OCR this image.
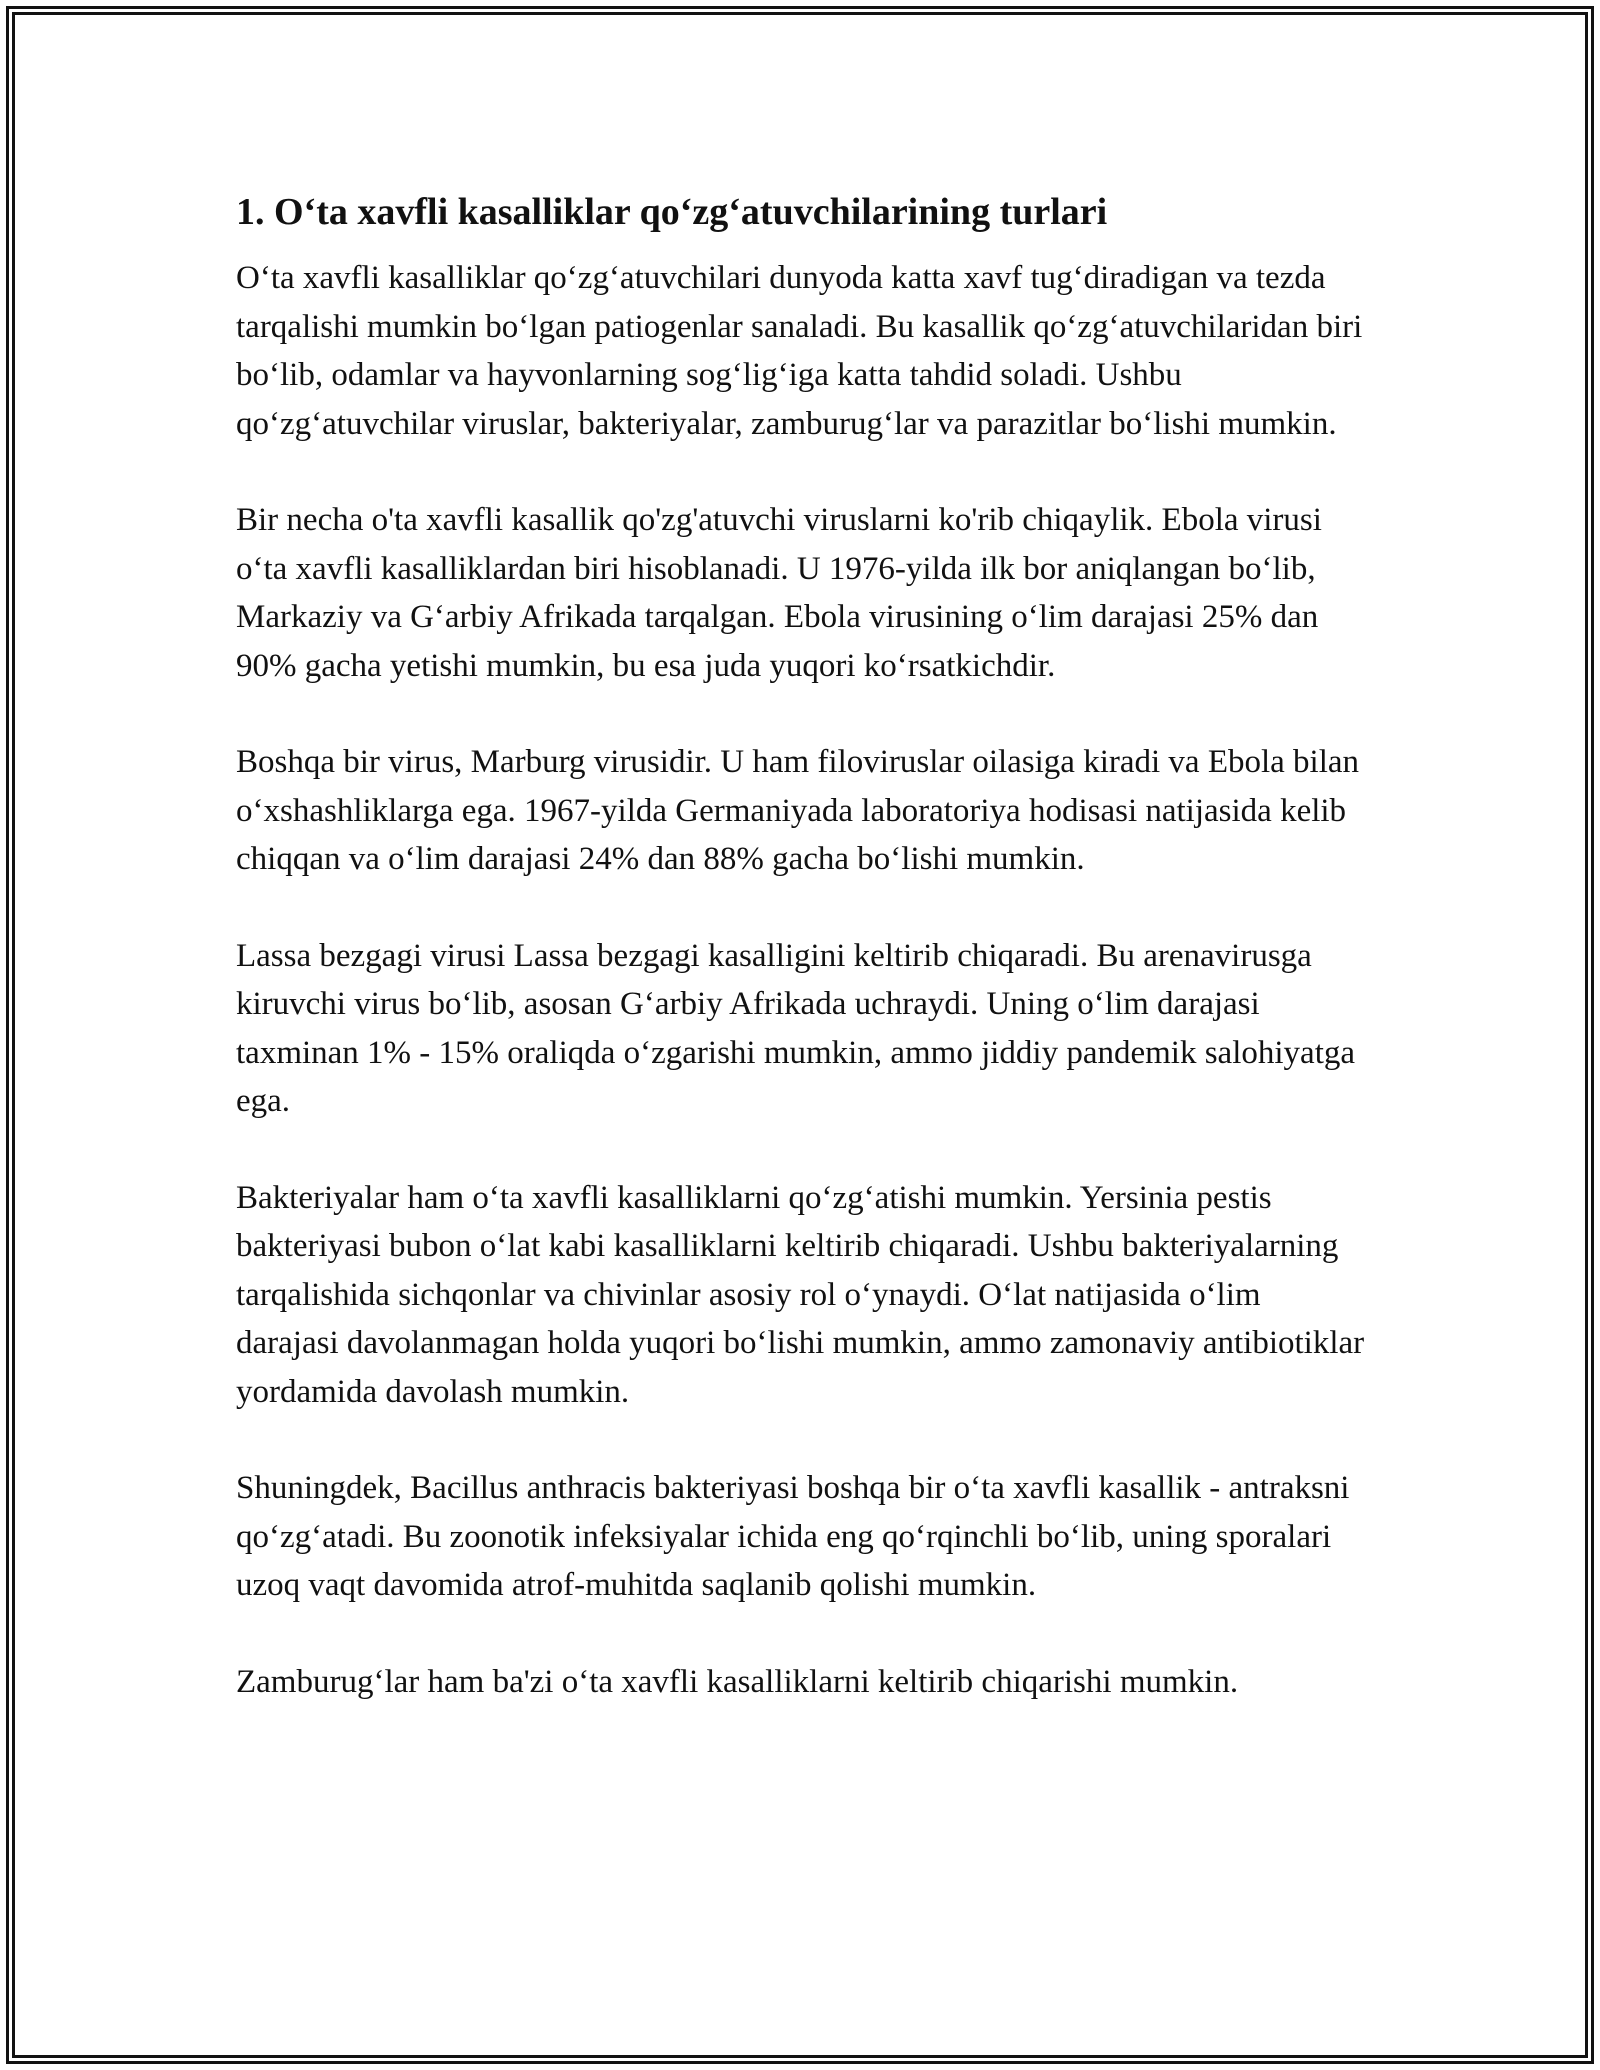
1. O‘ta xavfli kasalliklar qo‘zg‘atuvchilarining turlari

O‘ta xavfli kasalliklar qo‘zg‘atuvchilari dunyoda katta xavf tug‘diradigan va tezda tarqalishi mumkin bo‘lgan patiogenlar sanaladi. Bu kasallik qo‘zg‘atuvchilaridan biri bo‘lib, odamlar va hayvonlarning sog‘lig‘iga katta tahdid soladi. Ushbu qo‘zg‘atuvchilar viruslar, bakteriyalar, zamburug‘lar va parazitlar bo‘lishi mumkin.

Bir necha o'ta xavfli kasallik qo'zg'atuvchi viruslarni ko'rib chiqaylik. Ebola virusi o‘ta xavfli kasalliklardan biri hisoblanadi. U 1976-yilda ilk bor aniqlangan bo‘lib, Markaziy va G‘arbiy Afrikada tarqalgan. Ebola virusining o‘lim darajasi 25% dan 90% gacha yetishi mumkin, bu esa juda yuqori ko‘rsatkichdir.

Boshqa bir virus, Marburg virusidir. U ham filoviruslar oilasiga kiradi va Ebola bilan o‘xshashliklarga ega. 1967-yilda Germaniyada laboratoriya hodisasi natijasida kelib chiqqan va o‘lim darajasi 24% dan 88% gacha bo‘lishi mumkin.

Lassa bezgagi virusi Lassa bezgagi kasalligini keltirib chiqaradi. Bu arenavirusga kiruvchi virus bo‘lib, asosan G‘arbiy Afrikada uchraydi. Uning o‘lim darajasi taxminan 1% - 15% oraliqda o‘zgarishi mumkin, ammo jiddiy pandemik salohiyatga ega.

Bakteriyalar ham o‘ta xavfli kasalliklarni qo‘zg‘atishi mumkin. Yersinia pestis bakteriyasi bubon o‘lat kabi kasalliklarni keltirib chiqaradi. Ushbu bakteriyalarning tarqalishida sichqonlar va chivinlar asosiy rol o‘ynaydi. O‘lat natijasida o‘lim darajasi davolanmagan holda yuqori bo‘lishi mumkin, ammo zamonaviy antibiotiklar yordamida davolash mumkin.

Shuningdek, Bacillus anthracis bakteriyasi boshqa bir o‘ta xavfli kasallik - antraksni qo‘zg‘atadi. Bu zoonotik infeksiyalar ichida eng qo‘rqinchli bo‘lib, uning sporalari uzoq vaqt davomida atrof-muhitda saqlanib qolishi mumkin.

Zamburug‘lar ham ba'zi o‘ta xavfli kasalliklarni keltirib chiqarishi mumkin.
